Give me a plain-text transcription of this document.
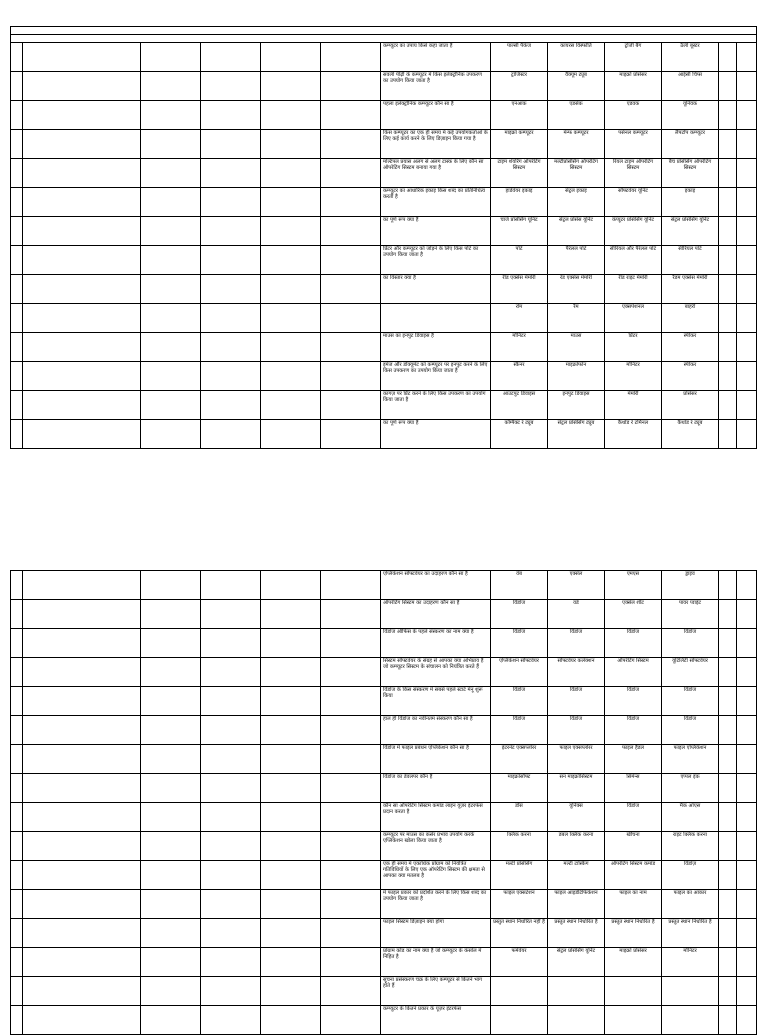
						कम्प्यूटर का उपाय किसे कहा जाता है	पाल्सी पैकेज	कायरस विस्फोति	ट्रोजी बैग	ठैली बूस्टर		
						सवली पीढ़ी के कम्प्यूटर में किस इलेक्ट्रॉनिक उपकरण का उपयोग किया जाता है	ट्रांजिस्टर	वैक्यूम ट्यूब	माइक्रो प्रोसेसर	आईसी चिप्स		
						पहला इलेक्ट्रॉनिक कम्प्यूटर कौन सा है	एनआक	एडसेक	एडवक	यूनिवक		
						किस कम्प्यूटर का एक ही समय में कई उपयोगकर्ताओं के लिए कई कार्य करने के लिए डिज़ाइन किया गया है	माइक्रो कम्प्यूटर	मेन्फ कम्प्यूटर	पर्सनल कम्प्यूटर	लैपटॉप कम्प्यूटर		
						मल्टिपल प्रयास अलग से अलग टास्क के लिए कौन सा ऑपरेटिंग सिस्टम बनाया गया है	टाइम शेयरिंग ऑपरेटिंग सिस्टम	मल्टीप्रोसेसिंग ऑपरेटिंग सिस्टम	रियल टाइम ऑपरेटिंग सिस्टम	बैच प्रोसेसिंग ऑपरेटिंग सिस्टम		
						कम्प्यूटर का आधारिक इकाइ किस शब्द का प्रतिनिधित्व करती है	हार्डवेयर इकाइ	सेंट्रल इकाइ	सॉफ्टवेयर यूनिट	इकाइ		
						का पूर्ण रूप क्या है	चार्ज प्रोसेसिंग यूनिट	सेंट्रल प्रोसेस यूनिट	कंप्यूटर प्रोसेसिंग यूनिट	सेंट्रल प्रोसेसिंग यूनिट		
						प्रिंटर और कम्प्यूटर को जोड़ने के लिए किस पोर्ट का उपयोग किया जाता है	पोर्ट	पैरेलल पोर्ट	सीरियल और पैरेलल पोर्ट	सीरियल पोर्ट		
						का विस्तार क्या है	रीड एक्सेस मेमोरी	रेड एक्सेस मेमोरी	रीड राइट मेमोरी	रैंडम एक्सेस मेमोरी		
							रोम	रैम	एक्सपेंशनल	बाहरी		
						माउस का इनपुट डिवाइस है	मॉनिटर	माउस	प्रिंटर	स्पीकर		
						इमेज और डॉक्यूमेंट को कम्प्यूटर पर इनपुट करने के लिए किस उपकरण का उपयोग किया जाता है	स्कैनर	माइक्रोफोन	मॉनिटर	स्पीकर		
						कागज़ पर प्रिंट करने के लिए किस उपकरण का उपयोग किया जाता है	आउटपुट डिवाइस	इनपुट डिवाइस	मेमोरी	प्रोसेसर		
						का पूर्ण रूप क्या है	कॉम्पैक्ट रे ट्यूब	सेंट्रल प्रोसेसिंग ट्यूब	कैथोड रे टर्मिनल	कैथोड रे ट्यूब		
						एप्लिकेशन सॉफ्टवेयर का उदाहरण कौन सा है	वेब	एक्सेल	एमएस	ड्राइव		
						ऑपरेटिंग सिस्टम का उदाहरण कौन सा है	विंडोज	वर्ड	एक्सेल शीट	पावर प्वाइंट		
						विंडोज ऑफिस के पहले संस्करण का नाम क्या है	विंडोज	विंडोज	विंडोज	विंडोज		
						सिस्टम सॉफ्टवेयर के संग्रह से आपका क्या अभिप्राय है जो कम्प्यूटर सिस्टम के संचालन को नियंत्रित करते हैं	एप्लिकेशन सॉफ्टवेयर	सॉफ्टवेयर कलेक्शन	ऑपरेटिंग सिस्टम	यूटिलिटी सॉफ्टवेयर		
						विंडोज के किस संस्करण में सबसे पहले स्टार्ट मेनू शुरू किया	विंडोज	विंडोज	विंडोज	विंडोज		
						हाल ही विंडोज का नवीनतम संस्करण कौन सा है	विंडोज	विंडोज	विंडोज	विंडोज		
						विंडोज में फाइल प्रबंधन एप्लिकेशन कौन सा है	इंटरनेट एक्सप्लोरर	फाइल एक्सप्लोरर	फाइल हैंडल	फाइल एप्लिकेशन		
						विंडोज का डेवलपर कौन है	माइक्रोसॉफ्ट	सन माइक्रोसिस्टम	सिमेन्स	एप्पल इंक		
						कौन सा ऑपरेटिंग सिस्टम कमांड लाइन यूज़र इंटरफेस प्रदान करता है	डॉस	यूनिक्स	विंडोज	मैक ओएस		
						कम्प्यूटर पर माउस का कर्सर प्रभाव उपयोग करके एप्लिकेशन खोला किया जाता है	क्लिक करना	डबल क्लिक करना	खींचना	राइट क्लिक करना		
						एक ही समय में एकाधिक प्रोग्राम को नियंत्रित गतिविधियों के लिए एक ऑपरेटिंग सिस्टम की क्षमता से आपका क्या मतलब है	मल्टी प्रोसेसिंग	मल्टी टास्किंग	ऑपरेटिंग सिस्टम कमांड	विंडोज़		
						में फाइल प्रकार को प्रदर्शित करने के लिए किस शब्द का उपयोग किया जाता है	फाइल एक्सटेंशन	फाइल आइडेंटिफिकेशन	फाइल का नाम	फाइल का आकार		
						फाइल सिस्टम डिज़ाइन क्या होगा	प्रस्तुत स्थान निर्धारित नहीं है	प्रस्तुत स्थान निर्धारित है	प्रस्तुत स्थान निर्धारित है	प्रस्तुत स्थान निर्धारित है		
						प्रोग्राम कोड का नाम क्या है जो कम्प्यूटर के कंसोल में निहित है	फर्मवेयर	सेंट्रल प्रोसेसिंग यूनिट	माइक्रो प्रोसेसर	मॉनिटर		
						सूचना प्रसंस्करण चक्र के लिए कम्प्यूटर से कितने भाग होते हैं						
						कम्प्यूटर के कितने प्रकार के यूज़र इंटरफेस						
